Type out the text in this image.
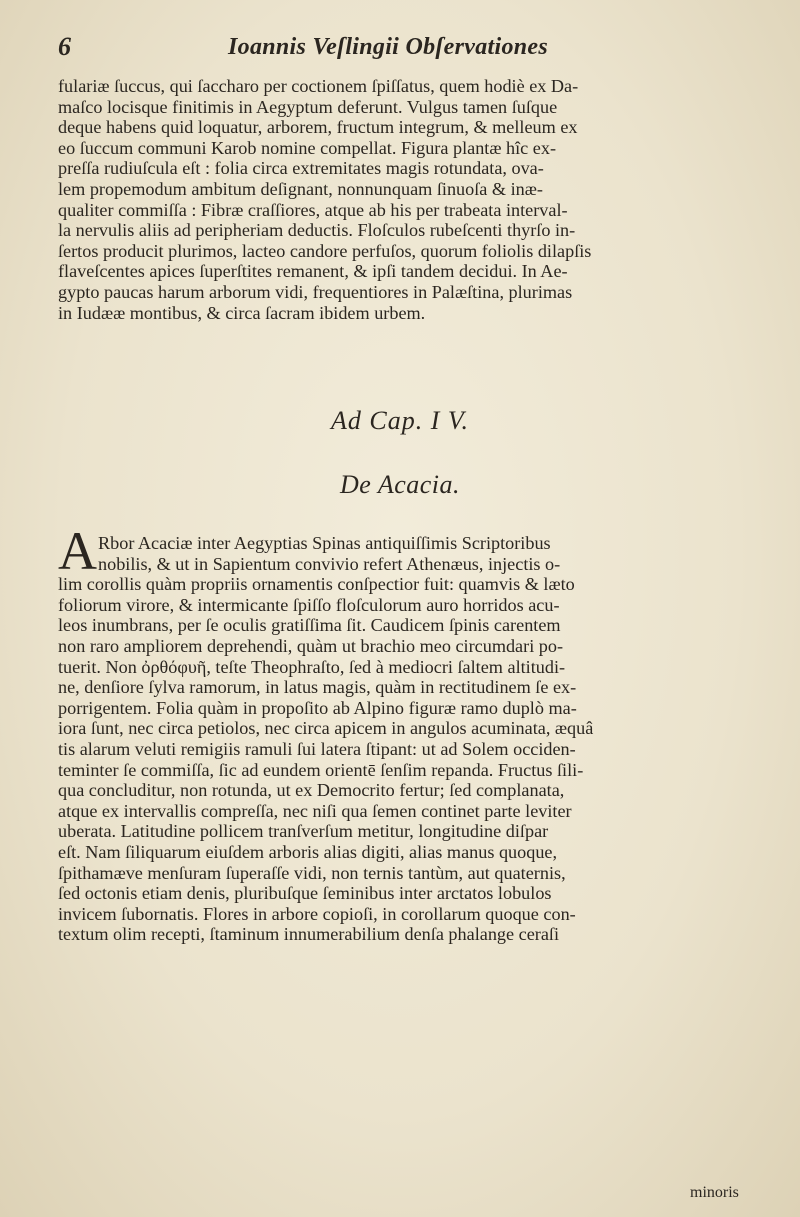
6	Ioannis Veſlingii Obſervationes
fulariæ ſuccus, qui ſaccharo per coctionem ſpiſſatus, quem hodiè ex Da-
maſco locisque finitimis in Aegyptum deferunt. Vulgus tamen ſuſque
deque habens quid loquatur, arborem, fructum integrum, & melleum ex
eo ſuccum communi Karob nomine compellat. Figura plantæ hîc ex-
preſſa rudiuſcula eſt : folia circa extremitates magis rotundata, ova-
lem propemodum ambitum deſignant, nonnunquam ſinuoſa & inæ-
qualiter commiſſa : Fibræ craſſiores, atque ab his per trabeata interval-
la nervulis aliis ad peripheriam deductis. Floſculos rubeſcenti thyrſo in-
ſertos producit plurimos, lacteo candore perfuſos, quorum foliolis dilapſis
flaveſcentes apices ſuperſtites remanent, & ipſi tandem decidui. In Ae-
gypto paucas harum arborum vidi, frequentiores in Palæſtina, plurimas
in Iudææ montibus, & circa ſacram ibidem urbem.
Ad Cap. I V.
De Acacia.
A Rbor Acaciæ inter Aegyptias Spinas antiquiſſimis Scriptoribus
nobilis, & ut in Sapientum convivio refert Athenæus, injectis o-
lim corollis quàm propriis ornamentis conſpectior fuit: quamvis & læto
foliorum virore, & intermicante ſpiſſo floſculorum auro horridos acu-
leos inumbrans, per ſe oculis gratiſſima ſit. Caudicem ſpinis carentem
non raro ampliorem deprehendi, quàm ut brachio meo circumdari po-
tuerit. Non ὀρθόφυῆ, teſte Theophraſto, ſed à mediocri ſaltem altitudi-
ne, denſiore ſylva ramorum, in latus magis, quàm in rectitudinem ſe ex-
porrigentem. Folia quàm in propoſito ab Alpino figuræ ramo duplò ma-
iora ſunt, nec circa petiolos, nec circa apicem in angulos acuminata, æquâ
tis alarum veluti remigiis ramuli ſui latera ſtipant: ut ad Solem occiden-
teminter ſe commiſſa, ſic ad eundem orientē ſenſim repanda. Fructus ſili-
qua concluditur, non rotunda, ut ex Democrito fertur; ſed complanata,
atque ex intervallis compreſſa, nec niſi qua ſemen continet parte leviter
uberata. Latitudine pollicem tranſverſum metitur, longitudine diſpar
eſt. Nam ſiliquarum eiuſdem arboris alias digiti, alias manus quoque,
ſpithamæve menſuram ſuperaſſe vidi, non ternis tantùm, aut quaternis,
ſed octonis etiam denis, pluribuſque ſeminibus inter arctatos lobulos
invicem ſubornatis. Flores in arbore copioſi, in corollarum quoque con-
textum olim recepti, ſtaminum innumerabilium denſa phalange ceraſi
minoris
